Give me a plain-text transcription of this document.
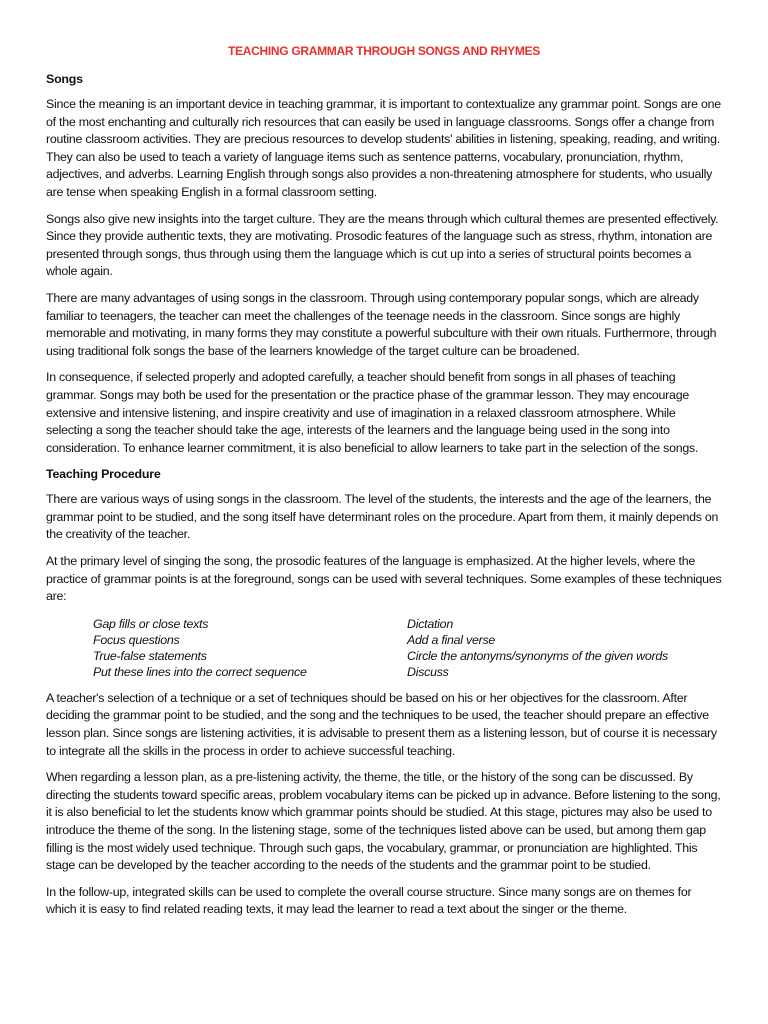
TEACHING GRAMMAR THROUGH SONGS AND RHYMES
Songs

Since the meaning is an important device in teaching grammar, it is important to contextualize any grammar point. Songs are one of the most enchanting and culturally rich resources that can easily be used in language classrooms. Songs offer a change from routine classroom activities. They are precious resources to develop students' abilities in listening, speaking, reading, and writing. They can also be used to teach a variety of language items such as sentence patterns, vocabulary, pronunciation, rhythm, adjectives, and adverbs. Learning English through songs also provides a non-threatening atmosphere for students, who usually are tense when speaking English in a formal classroom setting.

Songs also give new insights into the target culture. They are the means through which cultural themes are presented effectively. Since they provide authentic texts, they are motivating. Prosodic features of the language such as stress, rhythm, intonation are presented through songs, thus through using them the language which is cut up into a series of structural points becomes a whole again.

There are many advantages of using songs in the classroom. Through using contemporary popular songs, which are already familiar to teenagers, the teacher can meet the challenges of the teenage needs in the classroom. Since songs are highly memorable and motivating, in many forms they may constitute a powerful subculture with their own rituals. Furthermore, through using traditional folk songs the base of the learners knowledge of the target culture can be broadened.

In consequence, if selected properly and adopted carefully, a teacher should benefit from songs in all phases of teaching grammar. Songs may both be used for the presentation or the practice phase of the grammar lesson. They may encourage extensive and intensive listening, and inspire creativity and use of imagination in a relaxed classroom atmosphere. While selecting a song the teacher should take the age, interests of the learners and the language being used in the song into consideration. To enhance learner commitment, it is also beneficial to allow learners to take part in the selection of the songs.

Teaching Procedure

There are various ways of using songs in the classroom. The level of the students, the interests and the age of the learners, the grammar point to be studied, and the song itself have determinant roles on the procedure. Apart from them, it mainly depends on the creativity of the teacher.

At the primary level of singing the song, the prosodic features of the language is emphasized. At the higher levels, where the practice of grammar points is at the foreground, songs can be used with several techniques. Some examples of these techniques are:

Gap fills or close texts	Dictation
Focus questions	Add a final verse
True-false statements	Circle the antonyms/synonyms of the given words
Put these lines into the correct sequence	Discuss

A teacher's selection of a technique or a set of techniques should be based on his or her objectives for the classroom. After deciding the grammar point to be studied, and the song and the techniques to be used, the teacher should prepare an effective lesson plan. Since songs are listening activities, it is advisable to present them as a listening lesson, but of course it is necessary to integrate all the skills in the process in order to achieve successful teaching.

When regarding a lesson plan, as a pre-listening activity, the theme, the title, or the history of the song can be discussed. By directing the students toward specific areas, problem vocabulary items can be picked up in advance. Before listening to the song, it is also beneficial to let the students know which grammar points should be studied. At this stage, pictures may also be used to introduce the theme of the song. In the listening stage, some of the techniques listed above can be used, but among them gap filling is the most widely used technique. Through such gaps, the vocabulary, grammar, or pronunciation are highlighted. This stage can be developed by the teacher according to the needs of the students and the grammar point to be studied.

In the follow-up, integrated skills can be used to complete the overall course structure. Since many songs are on themes for which it is easy to find related reading texts, it may lead the learner to read a text about the singer or the theme.
